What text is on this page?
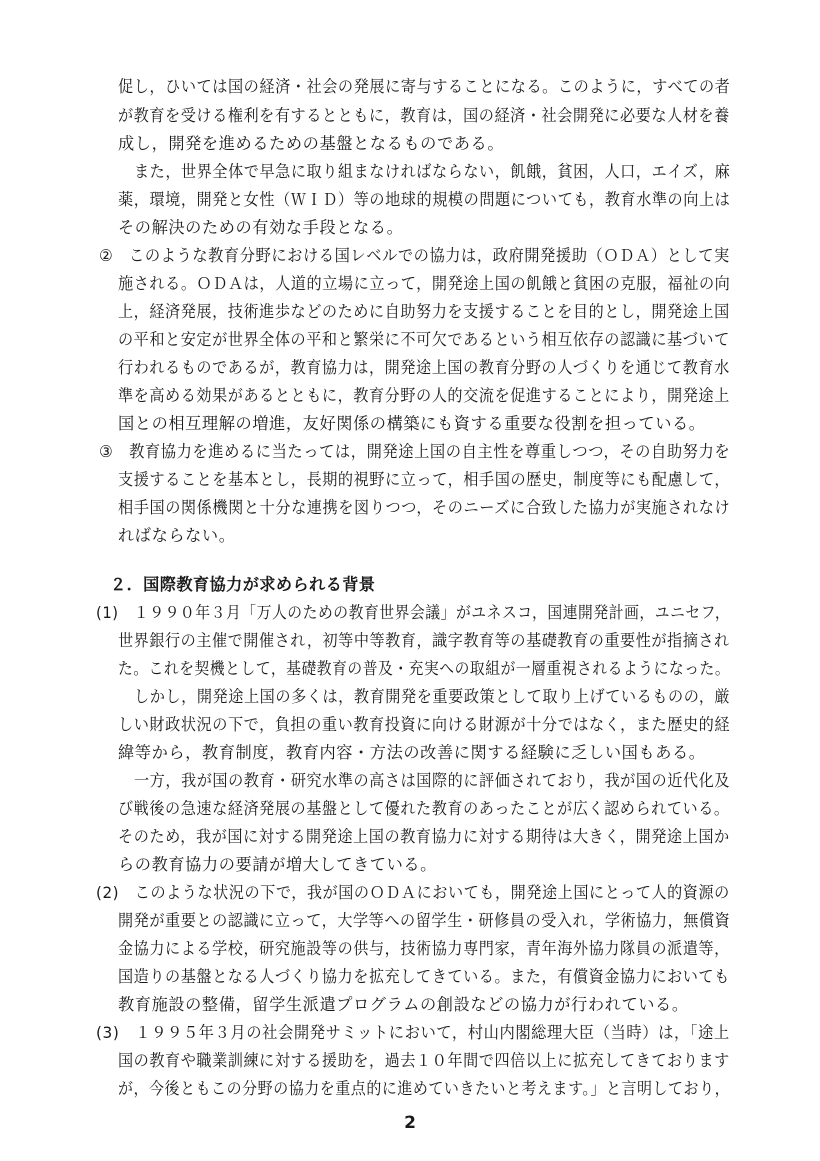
促し，ひいては国の経済・社会の発展に寄与することになる。このように，すべての者

が教育を受ける権利を有するとともに，教育は，国の経済・社会開発に必要な人材を養

成し，開発を進めるための基盤となるものである。

また，世界全体で早急に取り組まなければならない，飢餓，貧困，人口，エイズ，麻

薬，環境，開発と女性（ＷＩＤ）等の地球的規模の問題についても，教育水準の向上は

その解決のための有効な手段となる。

②　このような教育分野における国レベルでの協力は，政府開発援助（ＯＤＡ）として実

施される。ＯＤＡは，人道的立場に立って，開発途上国の飢餓と貧困の克服，福祉の向

上，経済発展，技術進歩などのために自助努力を支援することを目的とし，開発途上国

の平和と安定が世界全体の平和と繁栄に不可欠であるという相互依存の認識に基づいて

行われるものであるが，教育協力は，開発途上国の教育分野の人づくりを通じて教育水

準を高める効果があるとともに，教育分野の人的交流を促進することにより，開発途上

国との相互理解の増進，友好関係の構築にも資する重要な役割を担っている。

③　教育協力を進めるに当たっては，開発途上国の自主性を尊重しつつ，その自助努力を

支援することを基本とし，長期的視野に立って，相手国の歴史，制度等にも配慮して，

相手国の関係機関と十分な連携を図りつつ，そのニーズに合致した協力が実施されなけ

ればならない。

２．国際教育協力が求められる背景

(1)　１９９０年３月「万人のための教育世界会議」がユネスコ，国連開発計画，ユニセフ，

世界銀行の主催で開催され，初等中等教育，識字教育等の基礎教育の重要性が指摘され

た。これを契機として，基礎教育の普及・充実への取組が一層重視されるようになった。

しかし，開発途上国の多くは，教育開発を重要政策として取り上げているものの，厳

しい財政状況の下で，負担の重い教育投資に向ける財源が十分ではなく，また歴史的経

緯等から，教育制度，教育内容・方法の改善に関する経験に乏しい国もある。

一方，我が国の教育・研究水準の高さは国際的に評価されており，我が国の近代化及

び戦後の急速な経済発展の基盤として優れた教育のあったことが広く認められている。

そのため，我が国に対する開発途上国の教育協力に対する期待は大きく，開発途上国か

らの教育協力の要請が増大してきている。

(2)　このような状況の下で，我が国のＯＤＡにおいても，開発途上国にとって人的資源の

開発が重要との認識に立って，大学等への留学生・研修員の受入れ，学術協力，無償資

金協力による学校，研究施設等の供与，技術協力専門家，青年海外協力隊員の派遣等，

国造りの基盤となる人づくり協力を拡充してきている。また，有償資金協力においても

教育施設の整備，留学生派遣プログラムの創設などの協力が行われている。

(3)　１９９５年３月の社会開発サミットにおいて，村山内閣総理大臣（当時）は，「途上

国の教育や職業訓練に対する援助を，過去１０年間で四倍以上に拡充してきております

が，今後ともこの分野の協力を重点的に進めていきたいと考えます。」と言明しており，

2
